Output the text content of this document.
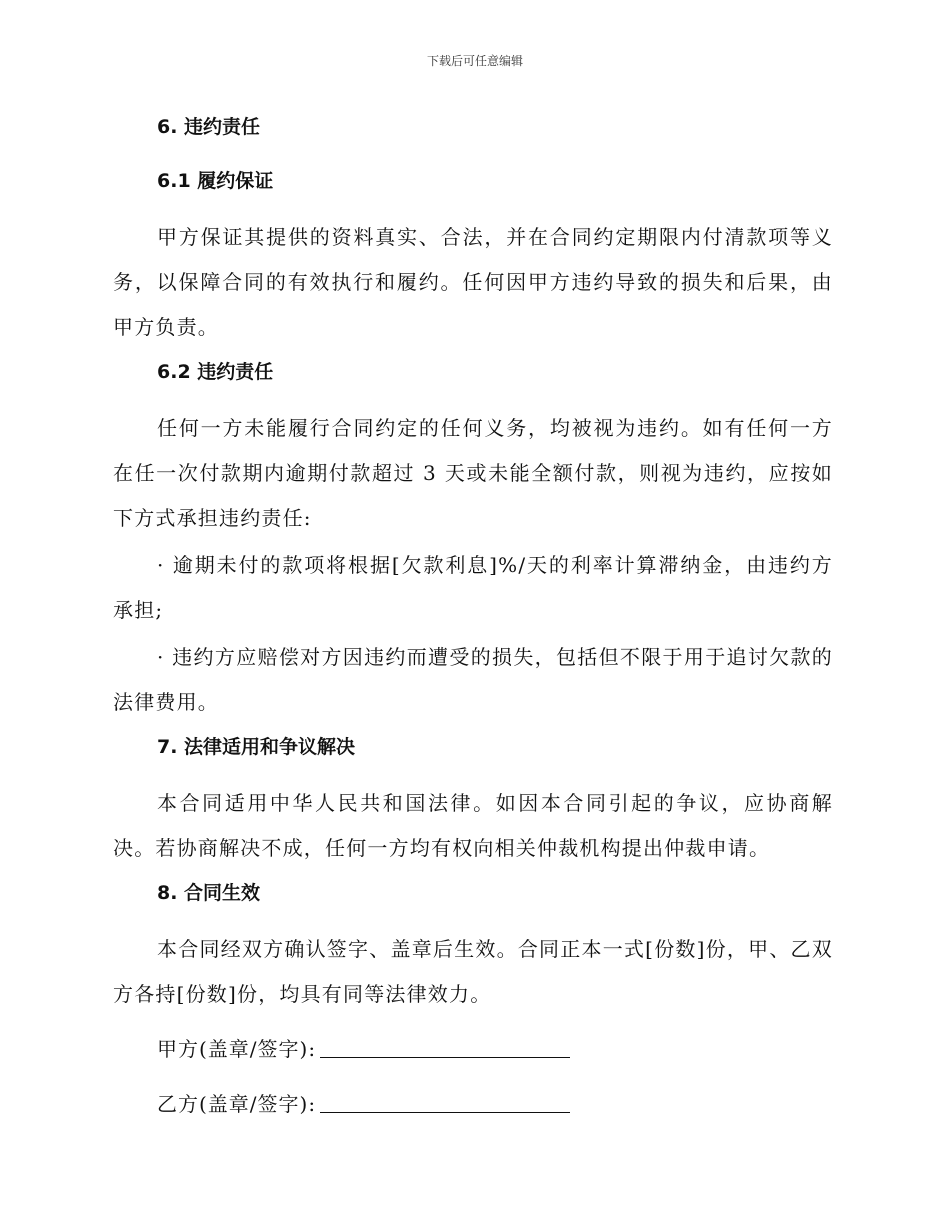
下载后可任意编辑
6. 违约责任
6.1 履约保证

甲方保证其提供的资料真实、合法，并在合同约定期限内付清款项等义务，以保障合同的有效执行和履约。任何因甲方违约导致的损失和后果，由甲方负责。

6.2 违约责任

任何一方未能履行合同约定的任何义务，均被视为违约。如有任何一方在任一次付款期内逾期付款超过 3 天或未能全额付款，则视为违约，应按如下方式承担违约责任:

· 逾期未付的款项将根据[欠款利息]%/天的利率计算滞纳金，由违约方承担;

· 违约方应赔偿对方因违约而遭受的损失，包括但不限于用于追讨欠款的法律费用。

7. 法律适用和争议解决

本合同适用中华人民共和国法律。如因本合同引起的争议，应协商解决。若协商解决不成，任何一方均有权向相关仲裁机构提出仲裁申请。

8. 合同生效

本合同经双方确认签字、盖章后生效。合同正本一式[份数]份，甲、乙双方各持[份数]份，均具有同等法律效力。

甲方(盖章/签字):
乙方(盖章/签字):
